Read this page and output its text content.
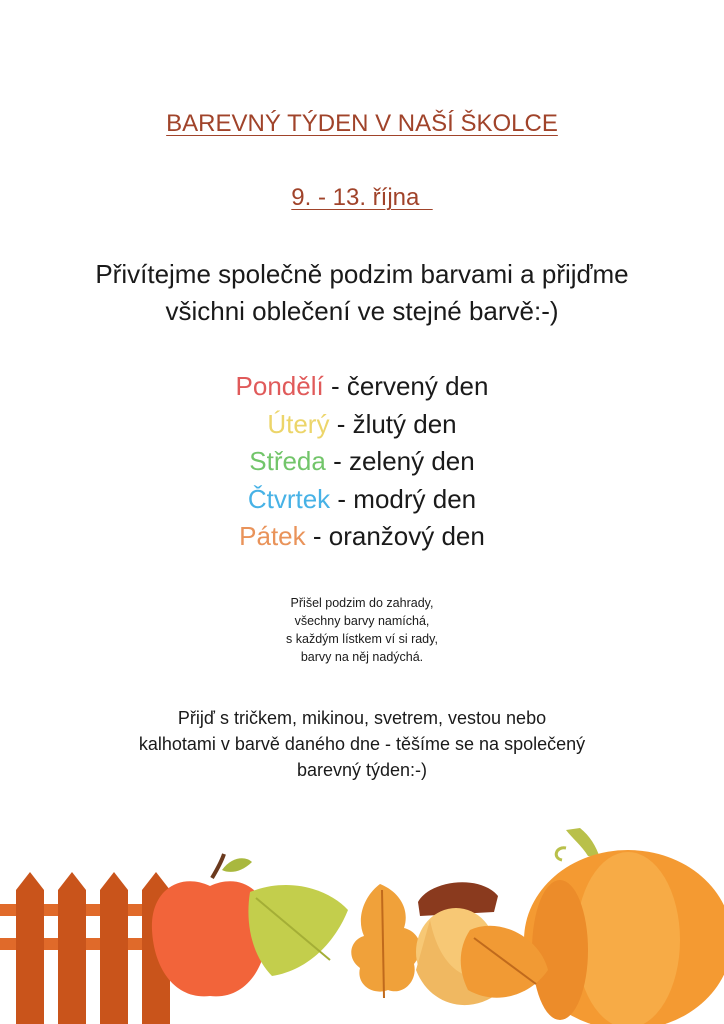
BAREVNÝ TÝDEN V NAŠÍ ŠKOLCE
9. - 13. října
Přivítejme společně podzim barvami a přijďme
všichni oblečení ve stejné barvě:-)
Pondělí - červený den
Úterý - žlutý den
Středa - zelený den
Čtvrtek - modrý den
Pátek - oranžový den
Přišel podzim do zahrady,
všechny barvy namíchá,
s každým lístkem ví si rady,
barvy na něj nadýchá.
Přijď s tričkem, mikinou, svetrem, vestou nebo
kalhotami v barvě daného dne - těšíme se na společený
barevný týden:-)
